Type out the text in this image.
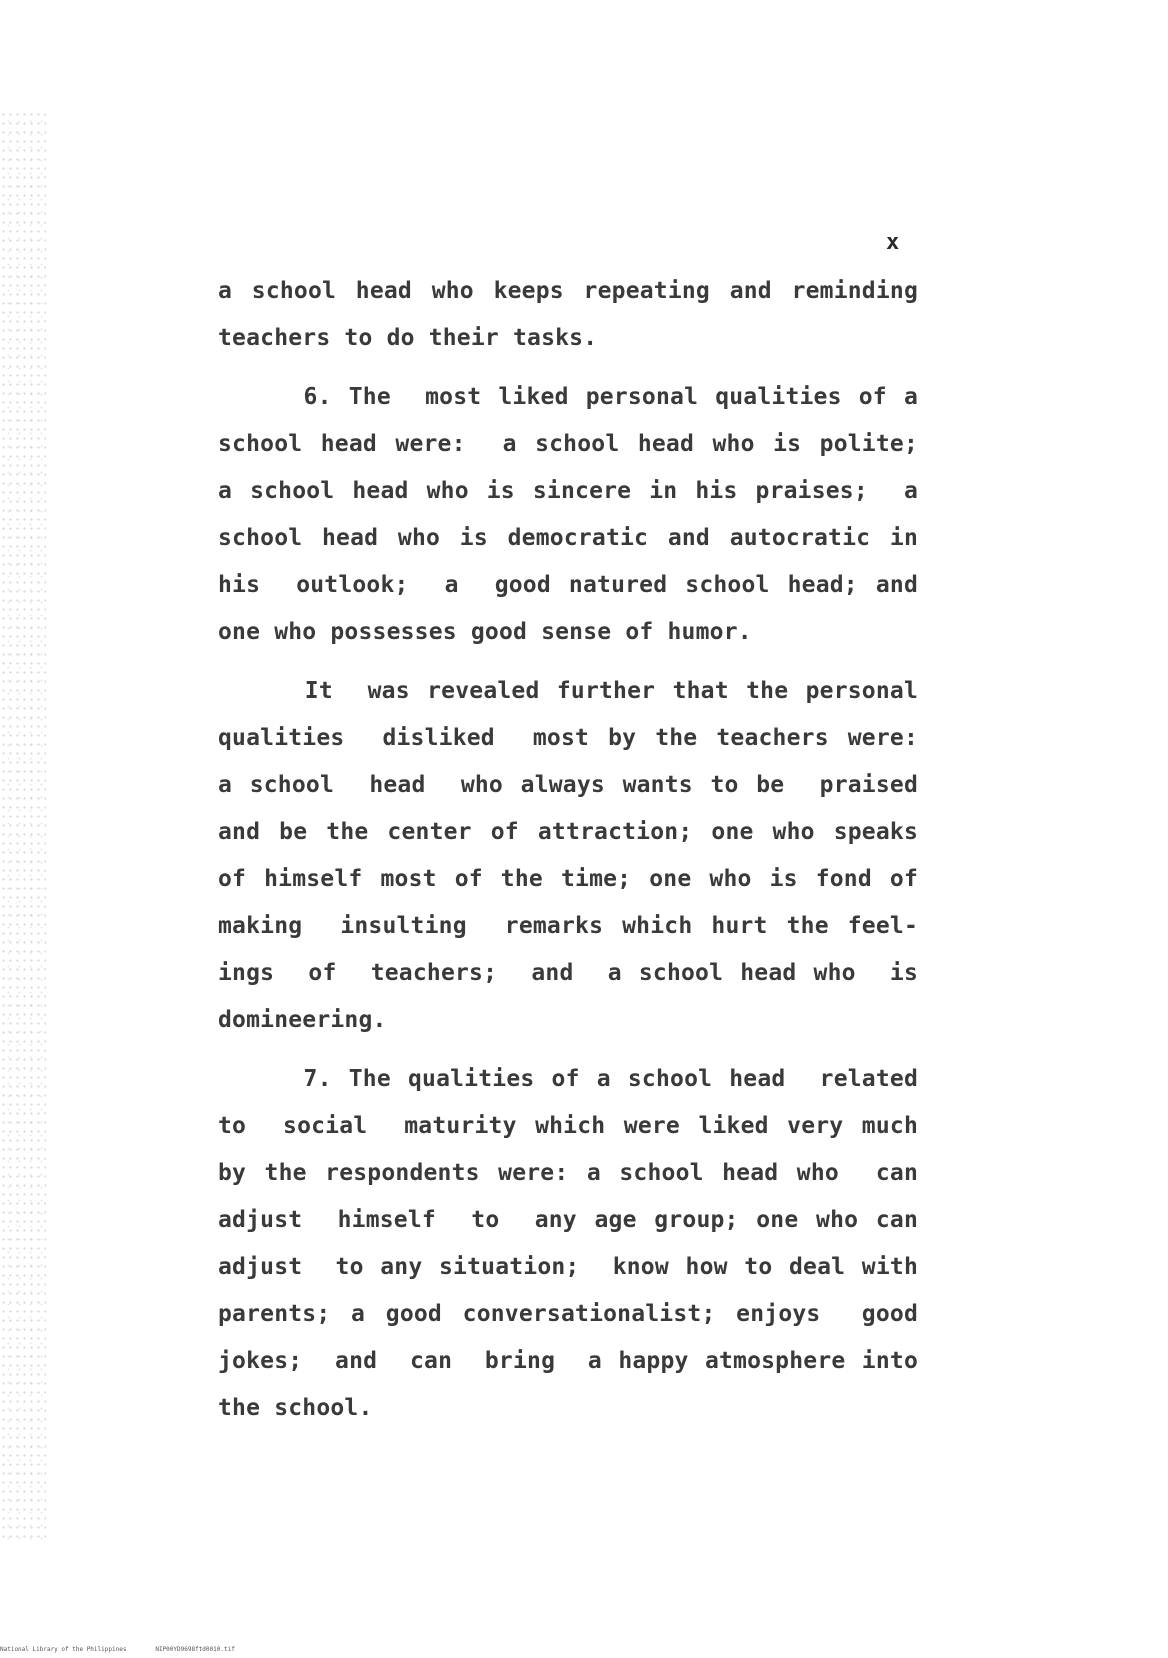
x
a school head who keeps repeating and reminding
teachers to do their tasks.
6. The  most liked personal qualities of a
school head were:  a school head who is polite;
a school head who is sincere in his praises;  a
school head who is democratic and autocratic in
his  outlook;  a  good natured school head; and
one who possesses good sense of humor.
It  was revealed further that the personal
qualities  disliked  most by the teachers were:
a school  head  who always wants to be  praised
and be the center of attraction; one who speaks
of himself most of the time; one who is fond of
making  insulting  remarks which hurt the feel-
ings  of  teachers;  and  a school head who  is
domineering.
7. The qualities of a school head  related
to  social  maturity which were liked very much
by the respondents were: a school head who  can
adjust  himself  to  any age group; one who can
adjust  to any situation;  know how to deal with
parents; a good conversationalist; enjoys  good
jokes;  and  can  bring  a happy atmosphere into
the school.
National Library of the Philippines	NIP00YD9698ftd0010.tif
